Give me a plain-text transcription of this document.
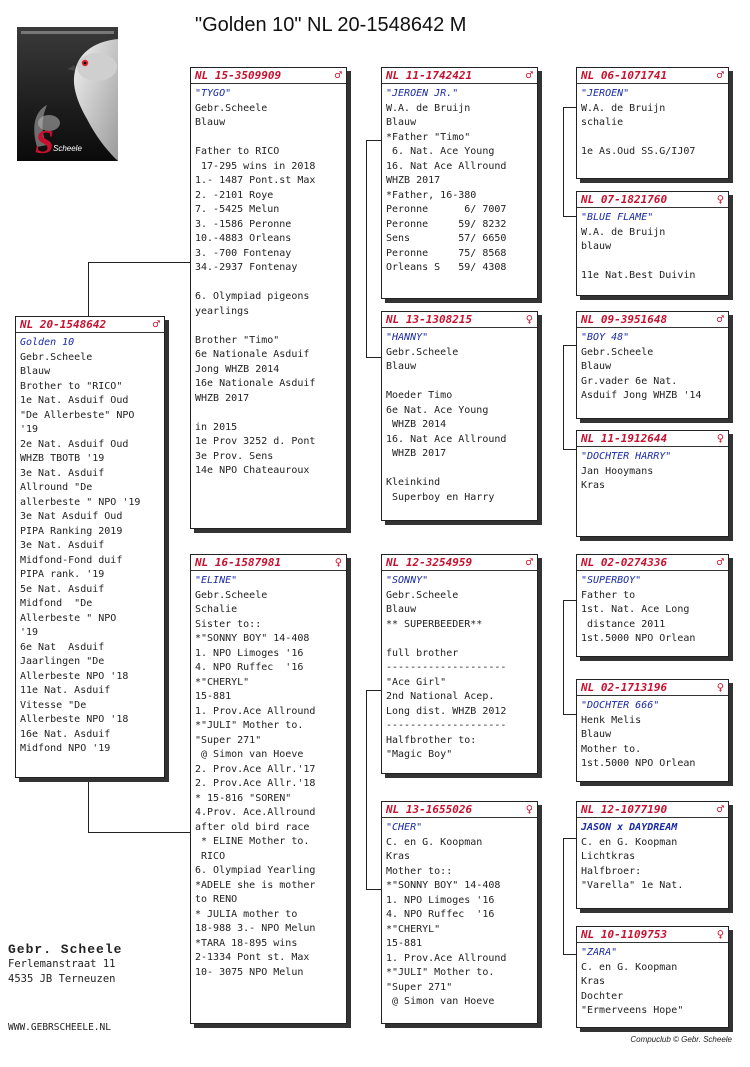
"Golden 10" NL 20-1548642 M
S Scheele
NL 20-1548642	♂
Golden 10
Gebr.Scheele
Blauw
Brother to "RICO"
1e Nat. Asduif Oud
"De Allerbeste" NPO
'19
2e Nat. Asduif Oud
WHZB TBOTB '19
3e Nat. Asduif
Allround "De
allerbeste " NPO '19
3e Nat Asduif Oud
PIPA Ranking 2019
3e Nat. Asduif
Midfond-Fond duif
PIPA rank. '19
5e Nat. Asduif
Midfond  "De
Allerbeste " NPO
'19
6e Nat  Asduif
Jaarlingen "De
Allerbeste NPO '18
11e Nat. Asduif
Vitesse "De
Allerbeste NPO '18
16e Nat. Asduif
Midfond NPO '19
NL 15-3509909	♂
"TYGO"
Gebr.Scheele
Blauw

Father to RICO
17-295 wins in 2018
1.- 1487 Pont.st Max
2. -2101 Roye
7. -5425 Melun
3. -1586 Peronne
10.-4883 Orleans
3. -700 Fontenay
34.-2937 Fontenay

6. Olympiad pigeons
yearlings

Brother "Timo"
6e Nationale Asduif
Jong WHZB 2014
16e Nationale Asduif
WHZB 2017

in 2015
1e Prov 3252 d. Pont
3e Prov. Sens
14e NPO Chateauroux
NL 16-1587981	♀
"ELINE"
Gebr.Scheele
Schalie
Sister to::
*"SONNY BOY" 14-408
1. NPO Limoges '16
4. NPO Ruffec  '16
*"CHERYL"
15-881
1. Prov.Ace Allround
*"JULI" Mother to.
"Super 271"
@ Simon van Hoeve
2. Prov.Ace Allr.'17
2. Prov.Ace Allr.'18
* 15-816 "SOREN"
4.Prov. Ace.Allround
after old bird race
* ELINE Mother to.
RICO
6. Olympiad Yearling
*ADELE she is mother
to RENO
* JULIA mother to
18-988 3.- NPO Melun
*TARA 18-895 wins
2-1334 Pont st. Max
10- 3075 NPO Melun
NL 11-1742421	♂
"JEROEN JR."
W.A. de Bruijn
Blauw
*Father "Timo"
6. Nat. Ace Young
16. Nat Ace Allround
WHZB 2017
*Father, 16-380
Peronne      6/ 7007
Peronne     59/ 8232
Sens        57/ 6650
Peronne     75/ 8568
Orleans S   59/ 4308
NL 13-1308215	♀
"HANNY"
Gebr.Scheele
Blauw

Moeder Timo
6e Nat. Ace Young
WHZB 2014
16. Nat Ace Allround
WHZB 2017

Kleinkind
Superboy en Harry
NL 12-3254959	♂
"SONNY"
Gebr.Scheele
Blauw
** SUPERBEEDER**

full brother
--------------------
"Ace Girl"
2nd National Acep.
Long dist. WHZB 2012
--------------------
Halfbrother to:
"Magic Boy"
NL 13-1655026	♀
"CHER"
C. en G. Koopman
Kras
Mother to::
*"SONNY BOY" 14-408
1. NPO Limoges '16
4. NPO Ruffec  '16
*"CHERYL"
15-881
1. Prov.Ace Allround
*"JULI" Mother to.
"Super 271"
@ Simon van Hoeve
NL 06-1071741	♂
"JEROEN"
W.A. de Bruijn
schalie

1e As.Oud SS.G/IJ07
NL 07-1821760	♀
"BLUE FLAME"
W.A. de Bruijn
blauw

11e Nat.Best Duivin
NL 09-3951648	♂
"BOY 48"
Gebr.Scheele
Blauw
Gr.vader 6e Nat.
Asduif Jong WHZB '14
NL 11-1912644	♀
"DOCHTER HARRY"
Jan Hooymans
Kras
NL 02-0274336	♂
"SUPERBOY"
Father to
1st. Nat. Ace Long
distance 2011
1st.5000 NPO Orlean
NL 02-1713196	♀
"DOCHTER 666"
Henk Melis
Blauw
Mother to.
1st.5000 NPO Orlean
NL 12-1077190	♂
JASON x DAYDREAM
C. en G. Koopman
Lichtkras
Halfbroer:
"Varella" 1e Nat.
NL 10-1109753	♀
"ZARA"
C. en G. Koopman
Kras
Dochter
"Ermerveens Hope"
Gebr. Scheele
Ferlemanstraat 11
4535 JB Terneuzen
WWW.GEBRSCHEELE.NL
Compuclub © Gebr. Scheele
